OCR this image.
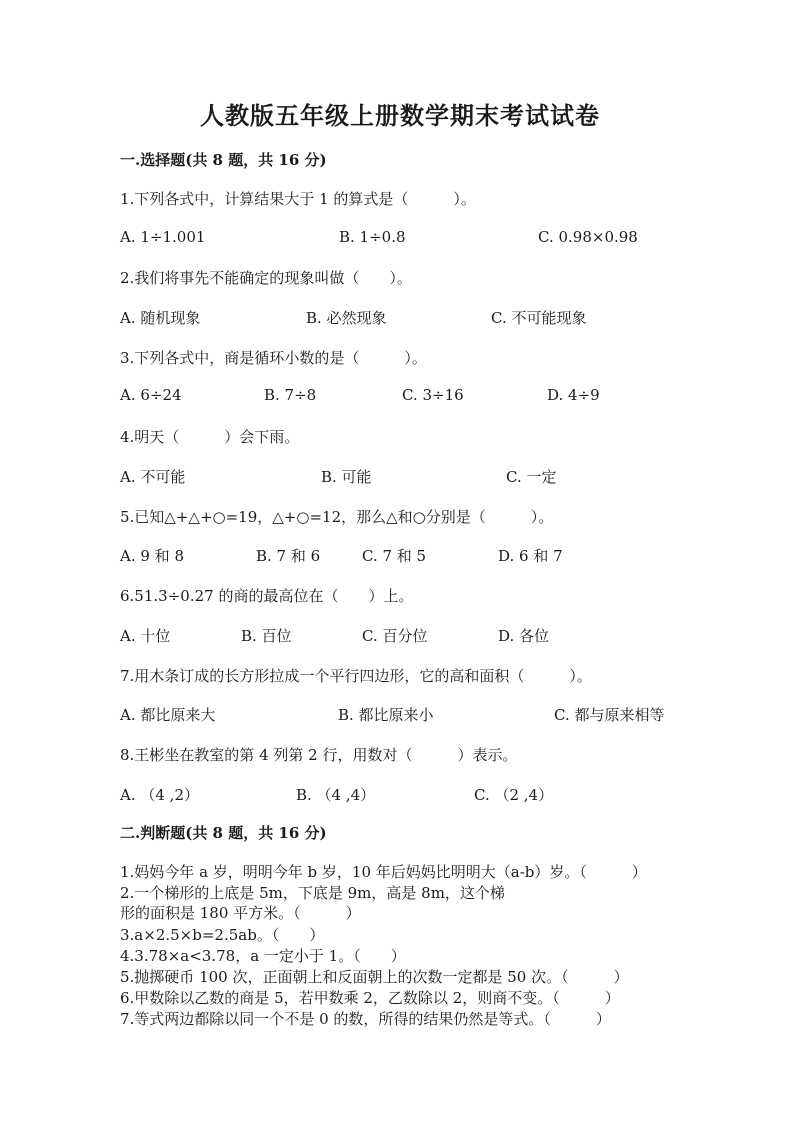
人教版五年级上册数学期末考试试卷
一.选择题(共 8 题，共 16 分)
1.下列各式中，计算结果大于 1 的算式是（　　　）。
A. 1÷1.001	B. 1÷0.8	C. 0.98×0.98
2.我们将事先不能确定的现象叫做（　　）。
A. 随机现象	B. 必然现象	C. 不可能现象
3.下列各式中，商是循环小数的是（　　　）。
A. 6÷24	B. 7÷8	C. 3÷16	D. 4÷9
4.明天（　　　）会下雨。
A. 不可能	B. 可能	C. 一定
5.已知△+△+○=19，△+○=12，那么△和○分别是（　　　）。
A. 9 和 8	B. 7 和 6	C. 7 和 5	D. 6 和 7
6.51.3÷0.27 的商的最高位在（　　）上。
A. 十位	B. 百位	C. 百分位	D. 各位
7.用木条订成的长方形拉成一个平行四边形，它的高和面积（　　　）。
A. 都比原来大	B. 都比原来小	C. 都与原来相等
8.王彬坐在教室的第 4 列第 2 行，用数对（　　　）表示。
A. （4 ,2）	B. （4 ,4）	C. （2 ,4）
二.判断题(共 8 题，共 16 分)
1.妈妈今年 a 岁，明明今年 b 岁，10 年后妈妈比明明大（a-b）岁。（　　　）
2.一个梯形的上底是 5m，下底是 9m，高是 8m，这个梯形的面积是 180 平方米。（　　　）
3.a×2.5×b=2.5ab。（　　）
4.3.78×a<3.78，a 一定小于 1。（　　）
5.抛掷硬币 100 次，正面朝上和反面朝上的次数一定都是 50 次。（　　　）
6.甲数除以乙数的商是 5，若甲数乘 2，乙数除以 2，则商不变。（　　　）
7.等式两边都除以同一个不是 0 的数，所得的结果仍然是等式。（　　　）
